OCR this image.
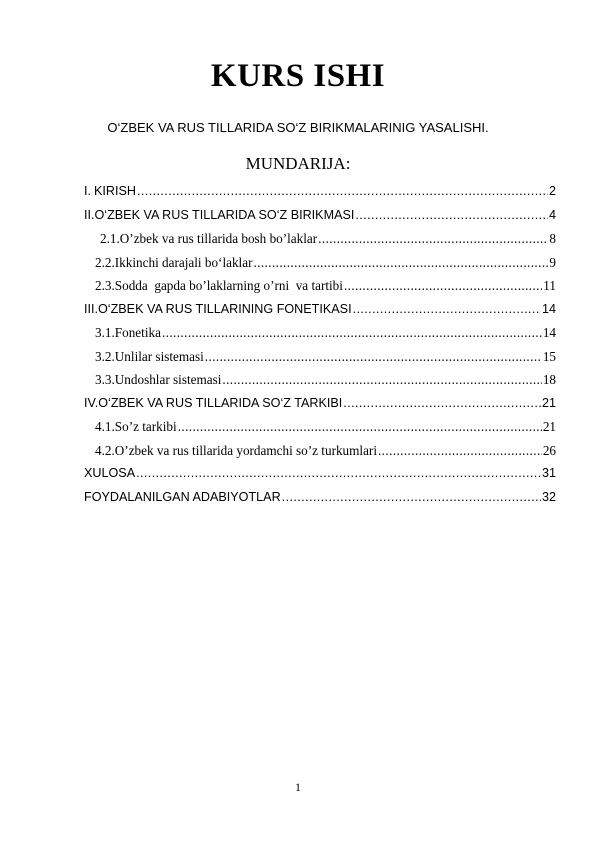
KURS ISHI
O‘ZBEK VA RUS TILLARIDA SO‘Z BIRIKMALARINIG YASALISHI.
MUNDARIJA:
I. KIRISH .....	2
II. O‘ZBEK VA RUS TILLARIDA SO‘Z BIRIKMASI .....	4
2.1. O’zbek va rus tillarida bosh bo’laklar .....	8
2.2. Ikkinchi darajali bo‘laklar .....	9
2.3. Sodda  gapda bo’laklarning o’rni  va tartibi .....	11
III. O‘ZBEK VA RUS TILLARINING FONETIKASI .....	14
3.1. Fonetika .....	14
3.2. Unlilar sistemasi .....	15
3.3. Undoshlar sistemasi .....	18
IV. O‘ZBEK VA RUS TILLARIDA SO‘Z TARKIBI .....	21
4.1. So’z tarkibi .....	21
4.2. O’zbek va rus tillarida yordamchi so’z turkumlari .....	26
XULOSA .....	31
FOYDALANILGAN ADABIYOTLAR .....	32
1
